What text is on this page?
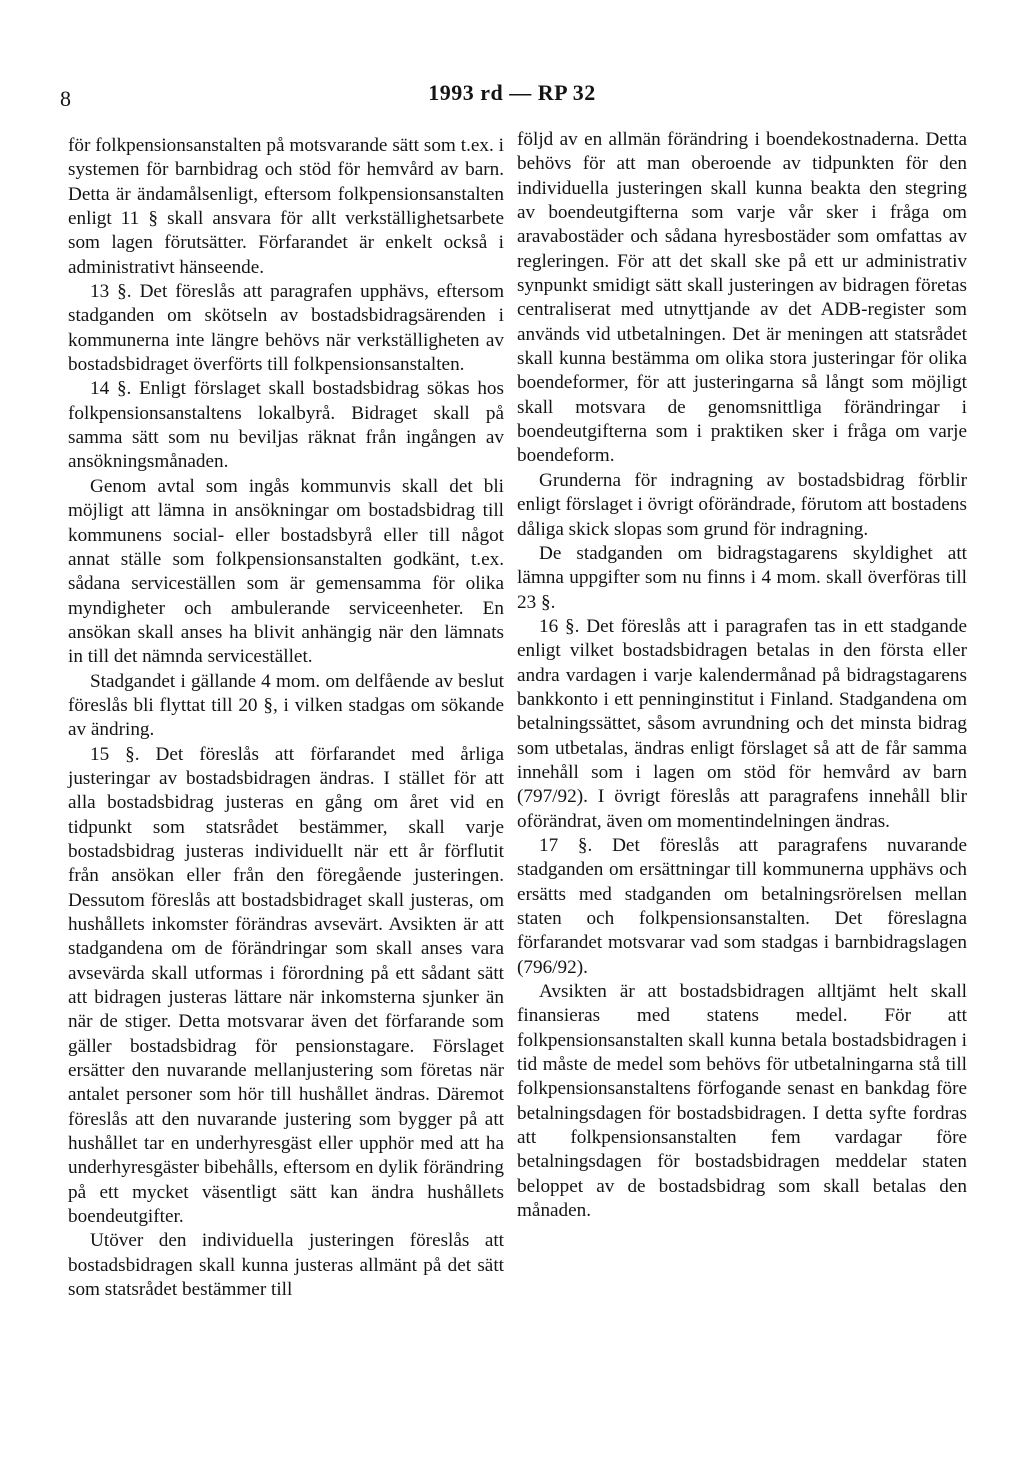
8	1993 rd — RP 32

för folkpensionsanstalten på motsvarande sätt som t.ex. i systemen för barnbidrag och stöd för hemvård av barn. Detta är ändamålsenligt, eftersom folkpensionsanstalten enligt 11 § skall ansvara för allt verkställighetsarbete som lagen förutsätter. Förfarandet är enkelt också i administrativt hänseende.

13 §. Det föreslås att paragrafen upphävs, eftersom stadganden om skötseln av bostadsbidragsärenden i kommunerna inte längre behövs när verkställigheten av bostadsbidraget överförts till folkpensionsanstalten.

14 §. Enligt förslaget skall bostadsbidrag sökas hos folkpensionsanstaltens lokalbyrå. Bidraget skall på samma sätt som nu beviljas räknat från ingången av ansökningsmånaden.

Genom avtal som ingås kommunvis skall det bli möjligt att lämna in ansökningar om bostadsbidrag till kommunens social- eller bostadsbyrå eller till något annat ställe som folkpensionsanstalten godkänt, t.ex. sådana serviceställen som är gemensamma för olika myndigheter och ambulerande serviceenheter. En ansökan skall anses ha blivit anhängig när den lämnats in till det nämnda servicestället.

Stadgandet i gällande 4 mom. om delfående av beslut föreslås bli flyttat till 20 §, i vilken stadgas om sökande av ändring.

15 §. Det föreslås att förfarandet med årliga justeringar av bostadsbidragen ändras. I stället för att alla bostadsbidrag justeras en gång om året vid en tidpunkt som statsrådet bestämmer, skall varje bostadsbidrag justeras individuellt när ett år förflutit från ansökan eller från den föregående justeringen. Dessutom föreslås att bostadsbidraget skall justeras, om hushållets inkomster förändras avsevärt. Avsikten är att stadgandena om de förändringar som skall anses vara avsevärda skall utformas i förordning på ett sådant sätt att bidragen justeras lättare när inkomsterna sjunker än när de stiger. Detta motsvarar även det förfarande som gäller bostadsbidrag för pensionstagare. Förslaget ersätter den nuvarande mellanjustering som företas när antalet personer som hör till hushållet ändras. Däremot föreslås att den nuvarande justering som bygger på att hushållet tar en underhyresgäst eller upphör med att ha underhyresgäster bibehålls, eftersom en dylik förändring på ett mycket väsentligt sätt kan ändra hushållets boendeutgifter.

Utöver den individuella justeringen föreslås att bostadsbidragen skall kunna justeras allmänt på det sätt som statsrådet bestämmer till

följd av en allmän förändring i boendekostnaderna. Detta behövs för att man oberoende av tidpunkten för den individuella justeringen skall kunna beakta den stegring av boendeutgifterna som varje vår sker i fråga om aravabostäder och sådana hyresbostäder som omfattas av regleringen. För att det skall ske på ett ur administrativ synpunkt smidigt sätt skall justeringen av bidragen företas centraliserat med utnyttjande av det ADB-register som används vid utbetalningen. Det är meningen att statsrådet skall kunna bestämma om olika stora justeringar för olika boendeformer, för att justeringarna så långt som möjligt skall motsvara de genomsnittliga förändringar i boendeutgifterna som i praktiken sker i fråga om varje boendeform.

Grunderna för indragning av bostadsbidrag förblir enligt förslaget i övrigt oförändrade, förutom att bostadens dåliga skick slopas som grund för indragning.

De stadganden om bidragstagarens skyldighet att lämna uppgifter som nu finns i 4 mom. skall överföras till 23 §.

16 §. Det föreslås att i paragrafen tas in ett stadgande enligt vilket bostadsbidragen betalas in den första eller andra vardagen i varje kalendermånad på bidragstagarens bankkonto i ett penninginstitut i Finland. Stadgandena om betalningssättet, såsom avrundning och det minsta bidrag som utbetalas, ändras enligt förslaget så att de får samma innehåll som i lagen om stöd för hemvård av barn (797/92). I övrigt föreslås att paragrafens innehåll blir oförändrat, även om momentindelningen ändras.

17 §. Det föreslås att paragrafens nuvarande stadganden om ersättningar till kommunerna upphävs och ersätts med stadganden om betalningsrörelsen mellan staten och folkpensionsanstalten. Det föreslagna förfarandet motsvarar vad som stadgas i barnbidragslagen (796/92).

Avsikten är att bostadsbidragen alltjämt helt skall finansieras med statens medel. För att folkpensionsanstalten skall kunna betala bostadsbidragen i tid måste de medel som behövs för utbetalningarna stå till folkpensionsanstaltens förfogande senast en bankdag före betalningsdagen för bostadsbidragen. I detta syfte fordras att folkpensionsanstalten fem vardagar före betalningsdagen för bostadsbidragen meddelar staten beloppet av de bostadsbidrag som skall betalas den månaden.
